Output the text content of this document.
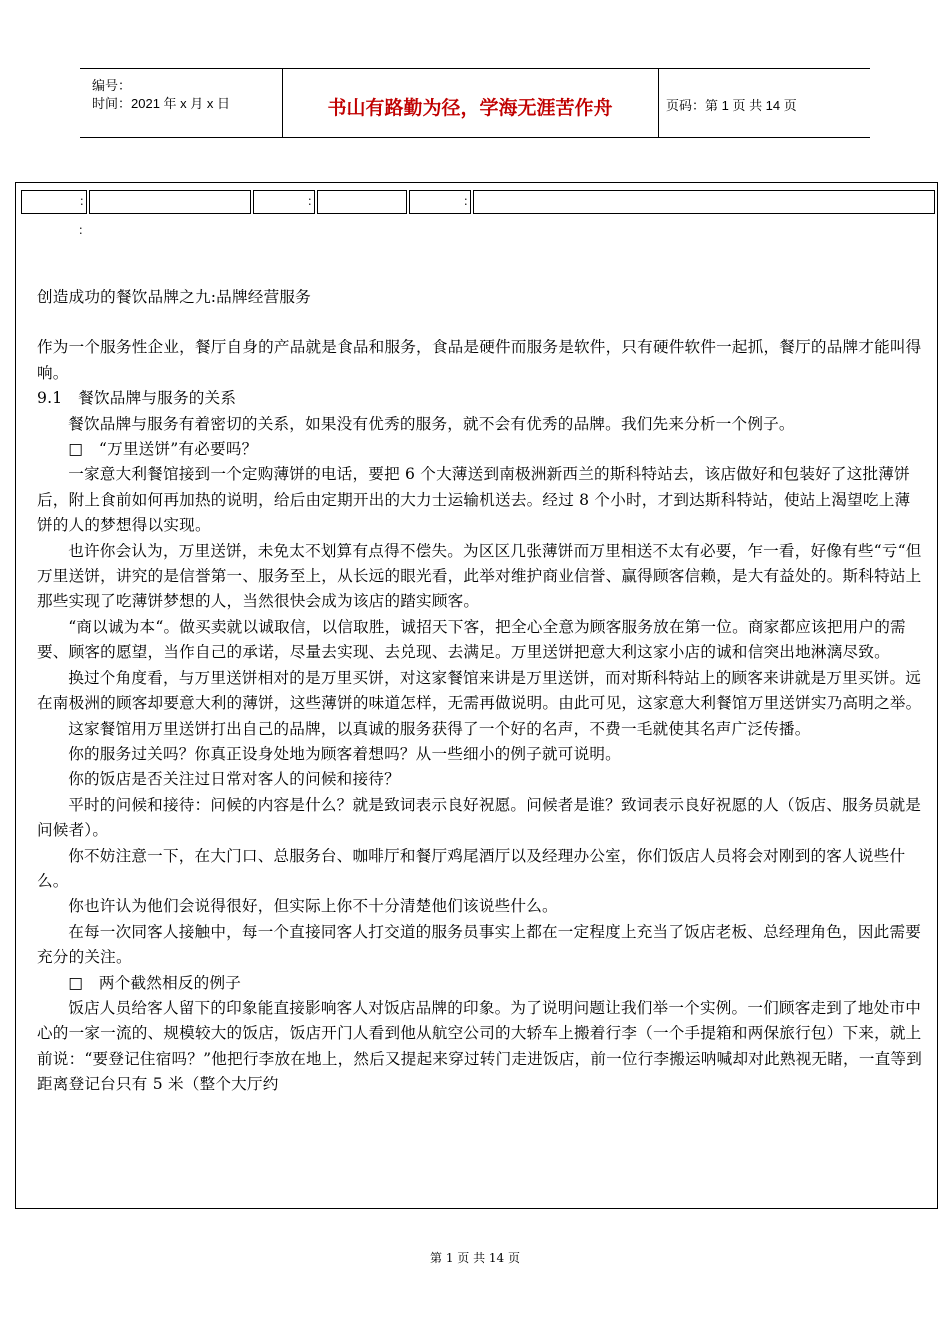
编号：
时间：2021 年 x 月 x 日	书山有路勤为径，学海无涯苦作舟	页码：第 1 页 共 14 页
：	：	：
：

创造成功的餐饮品牌之九:品牌经营服务

作为一个服务性企业，餐厅自身的产品就是食品和服务，食品是硬件而服务是软件，只有硬件软件一起抓，餐厅的品牌才能叫得响。

9.1　餐饮品牌与服务的关系

餐饮品牌与服务有着密切的关系，如果没有优秀的服务，就不会有优秀的品牌。我们先来分析一个例子。

□　“万里送饼”有必要吗？

一家意大利餐馆接到一个定购薄饼的电话，要把 6 个大薄送到南极洲新西兰的斯科特站去，该店做好和包装好了这批薄饼后，附上食前如何再加热的说明，给后由定期开出的大力士运输机送去。经过 8 个小时，才到达斯科特站，使站上渴望吃上薄饼的人的梦想得以实现。

也许你会认为，万里送饼，未免太不划算有点得不偿失。为区区几张薄饼而万里相送不太有必要，乍一看，好像有些“亏“但万里送饼，讲究的是信誉第一、服务至上，从长远的眼光看，此举对维护商业信誉、赢得顾客信赖，是大有益处的。斯科特站上那些实现了吃薄饼梦想的人，当然很快会成为该店的踏实顾客。

“商以诚为本“。做买卖就以诚取信，以信取胜，诚招天下客，把全心全意为顾客服务放在第一位。商家都应该把用户的需要、顾客的愿望，当作自己的承诺，尽量去实现、去兑现、去满足。万里送饼把意大利这家小店的诚和信突出地淋漓尽致。

换过个角度看，与万里送饼相对的是万里买饼，对这家餐馆来讲是万里送饼，而对斯科特站上的顾客来讲就是万里买饼。远在南极洲的顾客却要意大利的薄饼，这些薄饼的味道怎样，无需再做说明。由此可见，这家意大利餐馆万里送饼实乃高明之举。

这家餐馆用万里送饼打出自己的品牌，以真诚的服务获得了一个好的名声，不费一毛就使其名声广泛传播。

你的服务过关吗？你真正设身处地为顾客着想吗？从一些细小的例子就可说明。

你的饭店是否关注过日常对客人的问候和接待？

平时的问候和接待：问候的内容是什么？就是致词表示良好祝愿。问候者是谁？致词表示良好祝愿的人（饭店、服务员就是问候者）。

你不妨注意一下，在大门口、总服务台、咖啡厅和餐厅鸡尾酒厅以及经理办公室，你们饭店人员将会对刚到的客人说些什么。

你也许认为他们会说得很好，但实际上你不十分清楚他们该说些什么。

在每一次同客人接触中，每一个直接同客人打交道的服务员事实上都在一定程度上充当了饭店老板、总经理角色，因此需要充分的关注。

□　两个截然相反的例子

饭店人员给客人留下的印象能直接影响客人对饭店品牌的印象。为了说明问题让我们举一个实例。一们顾客走到了地处市中心的一家一流的、规模较大的饭店，饭店开门人看到他从航空公司的大轿车上搬着行李（一个手提箱和两保旅行包）下来，就上前说：“要登记住宿吗？”他把行李放在地上，然后又提起来穿过转门走进饭店，前一位行李搬运呐喊却对此熟视无睹，一直等到距离登记台只有 5 米（整个大厅约

第 1 页 共 14 页
